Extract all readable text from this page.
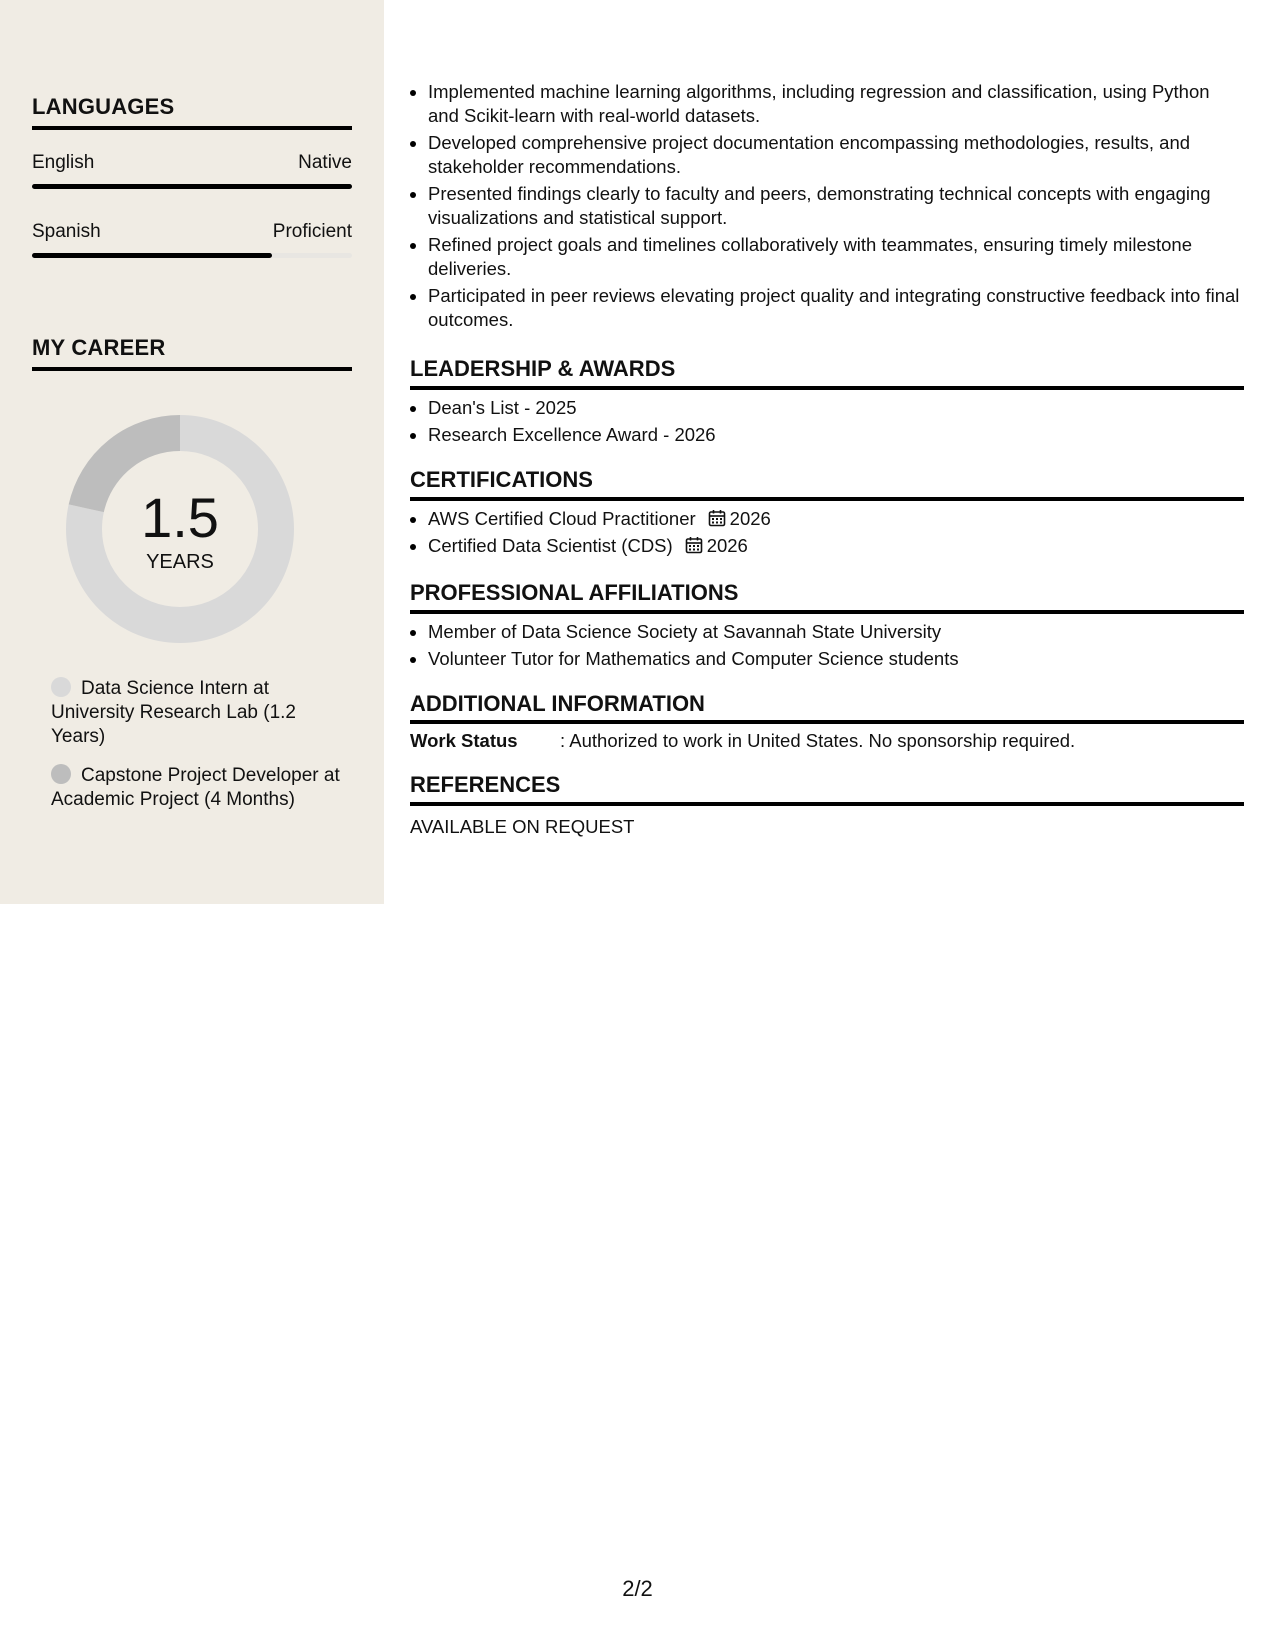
LANGUAGES
English	Native
Spanish	Proficient
MY CAREER
1.5
YEARS
Data Science Intern at University Research Lab (1.2 Years)
Capstone Project Developer at Academic Project (4 Months)
Implemented machine learning algorithms, including regression and classification, using Python and Scikit-learn with real-world datasets.
Developed comprehensive project documentation encompassing methodologies, results, and stakeholder recommendations.
Presented findings clearly to faculty and peers, demonstrating technical concepts with engaging visualizations and statistical support.
Refined project goals and timelines collaboratively with teammates, ensuring timely milestone deliveries.
Participated in peer reviews elevating project quality and integrating constructive feedback into final outcomes.
LEADERSHIP & AWARDS
Dean's List - 2025
Research Excellence Award - 2026
CERTIFICATIONS
AWS Certified Cloud Practitioner 2026
Certified Data Scientist (CDS) 2026
PROFESSIONAL AFFILIATIONS
Member of Data Science Society at Savannah State University
Volunteer Tutor for Mathematics and Computer Science students
ADDITIONAL INFORMATION
Work Status : Authorized to work in United States. No sponsorship required.
REFERENCES
AVAILABLE ON REQUEST
2/2
